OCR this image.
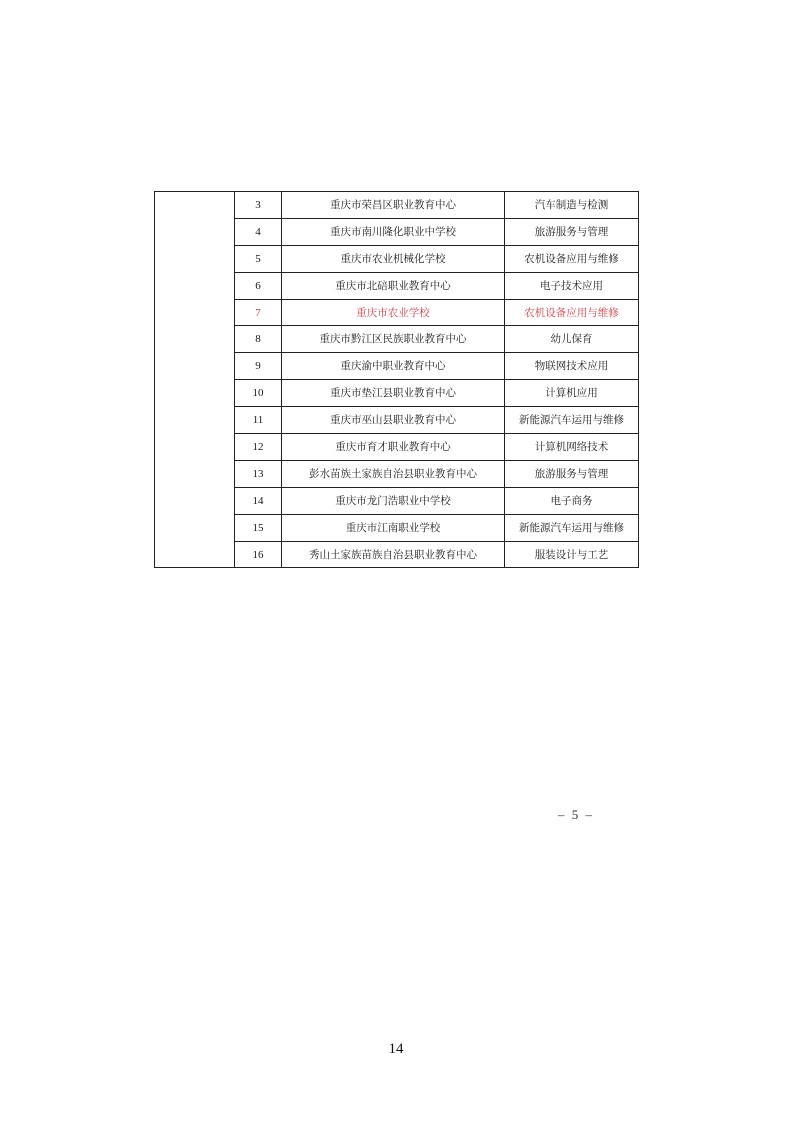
	3	重庆市荣昌区职业教育中心	汽车制造与检测
	4	重庆市南川隆化职业中学校	旅游服务与管理
	5	重庆市农业机械化学校	农机设备应用与维修
	6	重庆市北碚职业教育中心	电子技术应用
	7	重庆市农业学校	农机设备应用与维修
	8	重庆市黔江区民族职业教育中心	幼儿保育
	9	重庆渝中职业教育中心	物联网技术应用
	10	重庆市垫江县职业教育中心	计算机应用
	11	重庆市巫山县职业教育中心	新能源汽车运用与维修
	12	重庆市育才职业教育中心	计算机网络技术
	13	彭水苗族土家族自治县职业教育中心	旅游服务与管理
	14	重庆市龙门浩职业中学校	电子商务
	15	重庆市江南职业学校	新能源汽车运用与维修
	16	秀山土家族苗族自治县职业教育中心	服装设计与工艺
– 5 –
14
